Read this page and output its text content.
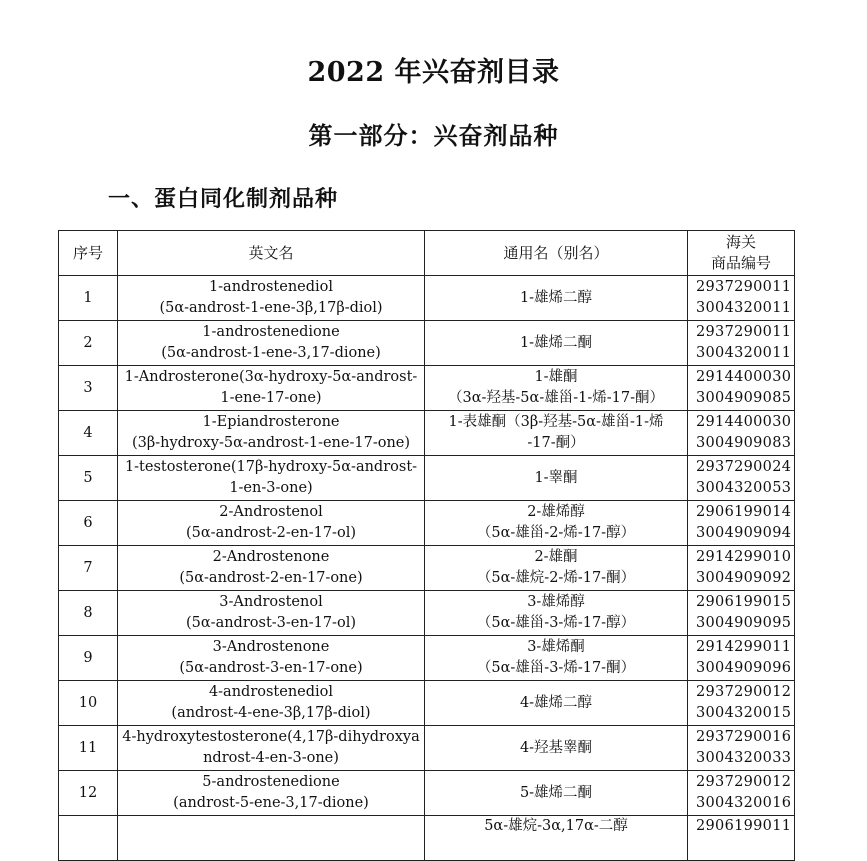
2022 年兴奋剂目录
第一部分：兴奋剂品种
一、蛋白同化制剂品种
序号	英文名	通用名（别名）	海关
商品编号

1	1-androstenediol
(5α-androst-1-ene-3β,17β-diol)	1-雄烯二醇	2937290011
3004320011

2	1-androstenedione
(5α-androst-1-ene-3,17-dione)	1-雄烯二酮	2937290011
3004320011

3	1-Androsterone(3α-hydroxy-5α-androst-
1-ene-17-one)	1-雄酮
（3α-羟基-5α-雄甾-1-烯-17-酮）	2914400030
3004909085

4	1-Epiandrosterone
(3β-hydroxy-5α-androst-1-ene-17-one)	1-表雄酮（3β-羟基-5α-雄甾-1-烯
-17-酮）	2914400030
3004909083

5	1-testosterone(17β-hydroxy-5α-androst-
1-en-3-one)	1-睾酮	2937290024
3004320053

6	2-Androstenol
(5α-androst-2-en-17-ol)	2-雄烯醇
（5α-雄甾-2-烯-17-醇）	2906199014
3004909094

7	2-Androstenone
(5α-androst-2-en-17-one)	2-雄酮
（5α-雄烷-2-烯-17-酮）	2914299010
3004909092

8	3-Androstenol
(5α-androst-3-en-17-ol)	3-雄烯醇
（5α-雄甾-3-烯-17-醇）	2906199015
3004909095

9	3-Androstenone
(5α-androst-3-en-17-one)	3-雄烯酮
（5α-雄甾-3-烯-17-酮）	2914299011
3004909096

10	4-androstenediol
(androst-4-ene-3β,17β-diol)	4-雄烯二醇	2937290012
3004320015

11	4-hydroxytestosterone(4,17β-dihydroxya
ndrost-4-en-3-one)	4-羟基睾酮	2937290016
3004320033

12	5-androstenedione
(androst-5-ene-3,17-dione)	5-雄烯二酮	2937290012
3004320016

		5α-雄烷-3α,17α-二醇	2906199011
